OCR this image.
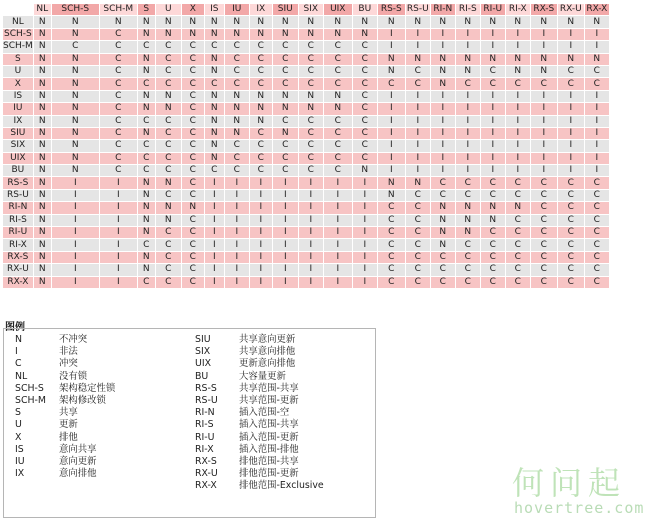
	NL	SCH-S	SCH-M	S	U	X	IS	IU	IX	SIU	SIX	UIX	BU	RS-S	RS-U	RI-N	RI-S	RI-U	RI-X	RX-S	RX-U	RX-X
NL	N	N	N	N	N	N	N	N	N	N	N	N	N	N	N	N	N	N	N	N	N	N
SCH-S	N	N	C	N	N	N	N	N	N	N	N	N	N	I	I	I	I	I	I	I	I	I
SCH-M	N	C	C	C	C	C	C	C	C	C	C	C	C	I	I	I	I	I	I	I	I	I
S	N	N	C	N	C	C	N	C	C	C	C	C	C	N	N	N	N	N	N	N	N	N
U	N	N	C	N	C	C	N	C	C	C	C	C	C	N	C	N	N	C	N	N	C	C
X	N	N	C	C	C	C	C	C	C	C	C	C	C	C	C	N	C	C	C	C	C	C
IS	N	N	C	N	N	C	N	N	N	N	N	N	C	I	I	I	I	I	I	I	I	I
IU	N	N	C	N	N	C	N	N	N	N	N	N	C	I	I	I	I	I	I	I	I	I
IX	N	N	C	C	C	C	N	N	N	C	C	C	C	I	I	I	I	I	I	I	I	I
SIU	N	N	C	N	C	C	N	N	C	N	C	C	C	I	I	I	I	I	I	I	I	I
SIX	N	N	C	C	C	C	N	C	C	C	C	C	C	I	I	I	I	I	I	I	I	I
UIX	N	N	C	C	C	C	N	C	C	C	C	C	C	I	I	I	I	I	I	I	I	I
BU	N	N	C	C	C	C	C	C	C	C	C	C	N	I	I	I	I	I	I	I	I	I
RS-S	N	I	I	N	N	C	I	I	I	I	I	I	I	N	N	C	C	C	C	C	C	C
RS-U	N	I	I	N	C	C	I	I	I	I	I	I	I	N	C	C	C	C	C	C	C	C
RI-N	N	I	I	N	N	N	I	I	I	I	I	I	I	C	C	N	N	N	N	C	C	C
RI-S	N	I	I	N	N	C	I	I	I	I	I	I	I	C	C	N	N	N	C	C	C	C
RI-U	N	I	I	N	C	C	I	I	I	I	I	I	I	C	C	N	N	C	C	C	C	C
RI-X	N	I	I	C	C	C	I	I	I	I	I	I	I	C	C	N	C	C	C	C	C	C
RX-S	N	I	I	N	C	C	I	I	I	I	I	I	I	C	C	C	C	C	C	C	C	C
RX-U	N	I	I	N	C	C	I	I	I	I	I	I	I	C	C	C	C	C	C	C	C	C
RX-X	N	I	I	C	C	C	I	I	I	I	I	I	I	C	C	C	C	C	C	C	C	C
图例
N	不冲突
I	非法
C	冲突
NL	没有锁
SCH-S 架构稳定性锁
SCH-M 架构修改锁
S	共享
U	更新
X	排他
IS	意向共享
IU	意向更新
IX	意向排他
SIU	共享意向更新
SIX	共享意向排他
UIX	更新意向排他
BU	大容量更新
RS-S 共享范围-共享
RS-U 共享范围-更新
RI-N	插入范围-空
RI-S	插入范围-共享
RI-U	插入范围-更新
RI-X	插入范围-排他
RX-S 排他范围-共享
RX-U 排他范围-更新
RX-X 排他范围-Exclusive	何问起
hovertree.com
